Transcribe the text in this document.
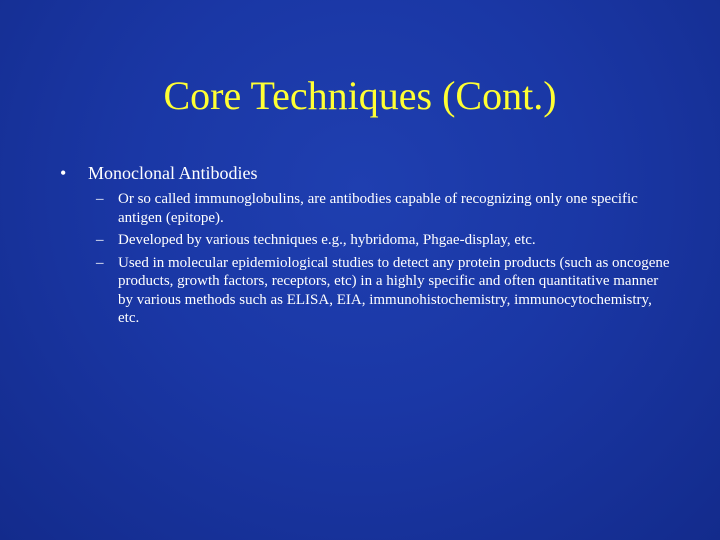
Core Techniques (Cont.)
• Monoclonal Antibodies
– Or so called immunoglobulins, are antibodies capable of recognizing only one specific antigen (epitope).
– Developed by various techniques e.g., hybridoma, Phgae-display, etc.
– Used in molecular epidemiological studies to detect any protein products (such as oncogene products, growth factors, receptors, etc) in a highly specific and often quantitative manner by various methods such as ELISA, EIA, immunohistochemistry, immunocytochemistry, etc.
